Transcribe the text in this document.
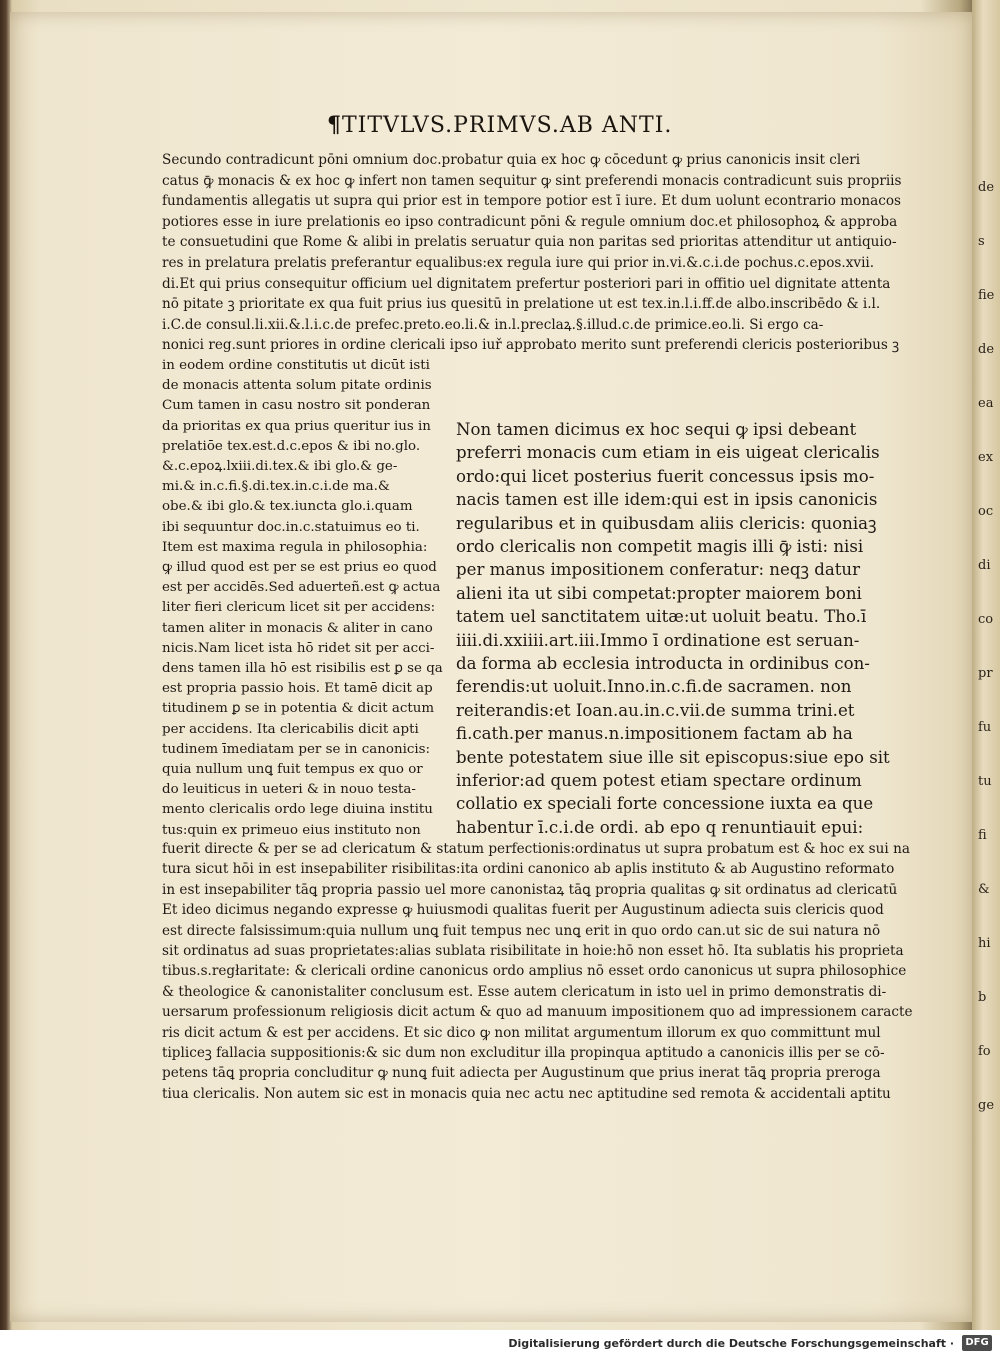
de
s
fie
de
ea
ex
oc
di
co
pr
fu
tu
fi
&
hi
b
fo
ge

¶TITVLVS.PRIMVS.AB ANTI.
Secundo contradicunt pōni omnium doc.probatur quia ex hoc ꝙ cōcedunt ꝙ prius canonicis insit cleri
catus ꝙ̄ monacis & ex hoc ꝙ infert non tamen sequitur ꝙ sint preferendi monacis contradicunt suis propriis
fundamentis allegatis ut supra qui prior est in tempore potior est ī iure. Et dum uolunt econtrario monacos
potiores esse in iure prelationis eo ipso contradicunt pōni & regule omnium doc.et philosophoꝝ & approba
te consuetudini que Rome & alibi in prelatis seruatur quia non paritas sed prioritas attenditur ut antiquio-
res in prelatura prelatis preferantur equalibus:ex regula iure qui prior in.vi.&.c.i.de pochus.c.epos.xvii.
di.Et qui prius consequitur officium uel dignitatem prefertur posteriori pari in offitio uel dignitate attenta
nō pitate ꝫ prioritate ex qua fuit prius ius quesitū in prelatione ut est tex.in.l.i.ff.de albo.inscribēdo & i.l.
i.C.de consul.li.xii.&.l.i.c.de prefec.preto.eo.li.& in.l.preclaꝝ.§.illud.c.de primice.eo.li. Si ergo ca-
nonici reg.sunt priores in ordine clericali ipso iuř approbato merito sunt preferendi clericis posterioribus ꝫ
in eodem ordine constitutis ut dicūt isti
de monacis attenta solum pitate ordinis
Cum tamen in casu nostro sit ponderan
da prioritas ex qua prius queritur ius in
prelatiōe tex.est.d.c.epos & ibi no.glo.
&.c.epoꝝ.lxiii.di.tex.& ibi glo.& ge-
mi.& in.c.fi.§.di.tex.in.c.i.de ma.&
obe.& ibi glo.& tex.iuncta glo.i.quam
ibi sequuntur doc.in.c.statuimus eo ti.
Item est maxima regula in philosophia:
ꝙ illud quod est per se est prius eo quod
est per accidēs.Sed aduerteñ.est ꝙ actua
liter fieri clericum licet sit per accidens:
tamen aliter in monacis & aliter in cano
nicis.Nam licet ista hō ridet sit per acci-
dens tamen illa hō est risibilis est ꝑ se qa
est propria passio hois. Et tamē dicit ap
titudinem ꝑ se in potentia & dicit actum
per accidens. Ita clericabilis dicit apti
tudinem īmediatam per se in canonicis:
quia nullum unꝗ fuit tempus ex quo or
do leuiticus in ueteri & in nouo testa-
mento clericalis ordo lege diuina institu
tus:quin ex primeuo eius instituto non
Non tamen dicimus ex hoc sequi ꝙ ipsi debeant
preferri monacis cum etiam in eis uigeat clericalis
ordo:qui licet posterius fuerit concessus ipsis mo-
nacis tamen est ille idem:qui est in ipsis canonicis
regularibus et in quibusdam aliis clericis: quoniaꝫ
ordo clericalis non competit magis illi ꝙ̄ isti: nisi
per manus impositionem conferatur: neqꝫ datur
alieni ita ut sibi competat:propter maiorem boni
tatem uel sanctitatem uitæ:ut uoluit beatu. Tho.ī
iiii.di.xxiiii.art.iii.Immo ī ordinatione est seruan-
da forma ab ecclesia introducta in ordinibus con-
ferendis:ut uoluit.Inno.in.c.fi.de sacramen. non
reiterandis:et Ioan.au.in.c.vii.de summa trini.et
fi.cath.per manus.n.impositionem factam ab ha
bente potestatem siue ille sit episcopus:siue epo sit
inferior:ad quem potest etiam spectare ordinum
collatio ex speciali forte concessione iuxta ea que
habentur ī.c.i.de ordi. ab epo q renuntiauit epui:
fuerit directe & per se ad clericatum & statum perfectionis:ordinatus ut supra probatum est & hoc ex sui na
tura sicut hōi in est insepabiliter risibilitas:ita ordini canonico ab aplis instituto & ab Augustino reformato
in est insepabiliter tāꝗ propria passio uel more canonistaꝝ tāꝗ propria qualitas ꝙ sit ordinatus ad clericatū
Et ideo dicimus negando expresse ꝙ huiusmodi qualitas fuerit per Augustinum adiecta suis clericis quod
est directe falsissimum:quia nullum unꝗ fuit tempus nec unꝗ erit in quo ordo can.ut sic de sui natura nō
sit ordinatus ad suas proprietates:alias sublata risibilitate in hoie:hō non esset hō. Ita sublatis his proprieta
tibus.s.regłaritate: & clericali ordine canonicus ordo amplius nō esset ordo canonicus ut supra philosophice
& theologice & canonistaliter conclusum est. Esse autem clericatum in isto uel in primo demonstratis di-
uersarum professionum religiosis dicit actum & quo ad manuum impositionem quo ad impressionem caracte
ris dicit actum & est per accidens. Et sic dico ꝙ non militat argumentum illorum ex quo committunt mul
tipliceꝫ fallacia suppositionis:& sic dum non excluditur illa propinqua aptitudo a canonicis illis per se cō-
petens tāꝗ propria concluditur ꝙ nunꝗ fuit adiecta per Augustinum que prius inerat tāꝗ propria preroga
tiua clericalis. Non autem sic est in monacis quia nec actu nec aptitudine sed remota & accidentali aptitu
Digitalisierung gefördert durch die Deutsche Forschungsgemeinschaft ·	DFG
